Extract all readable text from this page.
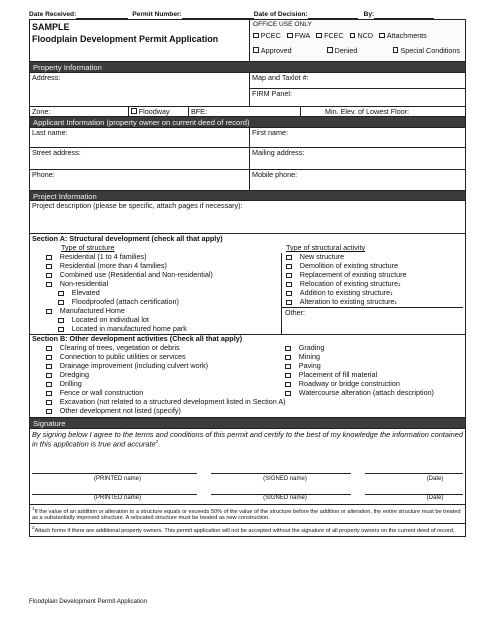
Date Received:	Permit Number:	Date of Decision:	By:
SAMPLE
Floodplain Development Permit Application
OFFICE USE ONLY
PCEC	FWA	FCEC	NCD	Attachments
Approved	Denied	Special Conditions
Property Information
Address:	Map and Taxlot #:
FIRM Panel:
Zone:	Floodway	BFE:	Min. Elev. of Lowest Floor:
Applicant Information (property owner on current deed of record)
Last name:	First name:
Street address:	Mailing address:
Phone:	Mobile phone:
Project Information
Project description (please be specific, attach pages if necessary):
Section A: Structural development (check all that apply)
Type of structure
Residential (1 to 4 families)
Residential (more than 4 families)
Combined use (Residential and Non-residential)
Non-residential
Elevated
Floodproofed (attach certification)
Manufactured Home
Located on individual lot
Located in manufactured home park
Type of structural activity
New structure
Demolition of existing structure
Replacement of existing structure
Relocation of existing structure 1
Addition to existing structure 1
Alteration to existing structure 1
Other:
Section B: Other development activities (Check all that apply)
Clearing of trees, vegetation or debris
Connection to public utilities or services
Drainage improvement (including culvert work)
Dredging
Drilling
Fence or wall construction
Grading
Mining
Paving
Placement of fill material
Roadway or bridge construction
Watercourse alteration (attach description)
Excavation (not related to a structured development listed in Section A)
Other development not listed (specify)
Signature
By signing below I agree to the terms and conditions of this permit and certify to the best of my knowledge the information contained in this application is true and accurate$^2$.
(PRINTED name)	(SIGNED name)	(Date)
(PRINTED name)	(SIGNED name)	(Date)
$^1$If the value of an addition or alteration to a structure equals or exceeds 50% of the value of the structure before the addition or alteration, the entire structure must be treated as a substantially improved structure. A relocated structure must be treated as new construction.
$^2$Attach forms if there are additional property owners. This permit application will not be accepted without the signature of all property owners on the current deed of record.
Floodplain Development Permit Application
